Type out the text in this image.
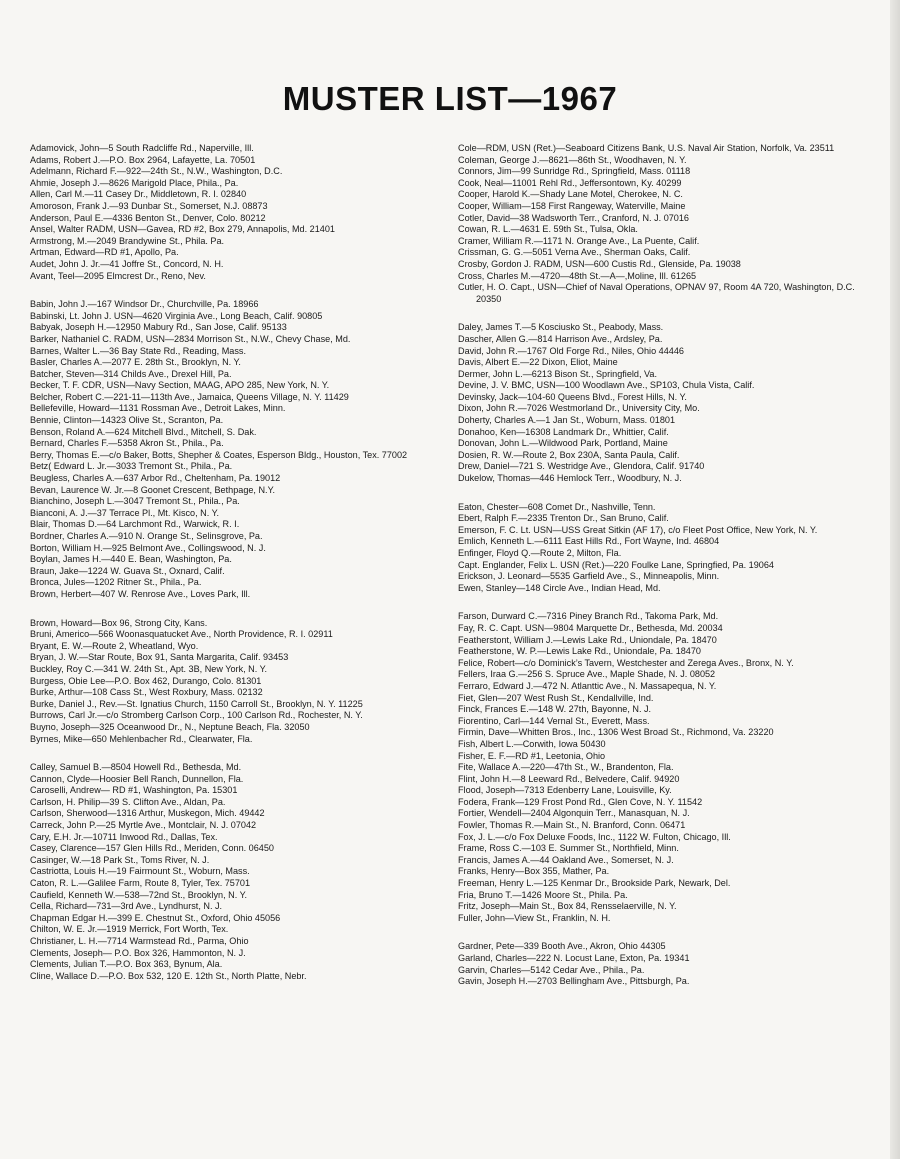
MUSTER LIST—1967
Adamovick, John—5 South Radcliffe Rd., Naperville, Ill.
Adams, Robert J.—P.O. Box 2964, Lafayette, La. 70501
Adelmann, Richard F.—922—24th St., N.W., Washington, D.C.
Ahmie, Joseph J.—8626 Marigold Place, Phila., Pa.
Allen, Carl M.—11 Casey Dr., Middletown, R. I. 02840
Amoroson, Frank J.—93 Dunbar St., Somerset, N.J. 08873
Anderson, Paul E.—4336 Benton St., Denver, Colo. 80212
Ansel, Walter RADM, USN—Gavea, RD #2, Box 279, Annapolis, Md. 21401
Armstrong, M.—2049 Brandywine St., Phila. Pa.
Artman, Edward—RD #1, Apollo, Pa.
Audet, John J. Jr.—41 Joffre St., Concord, N. H.
Avant, Teel—2095 Elmcrest Dr., Reno, Nev.
Babin, John J.—167 Windsor Dr., Churchville, Pa. 18966
Babinski, Lt. John J. USN—4620 Virginia Ave., Long Beach, Calif. 90805
Babyak, Joseph H.—12950 Mabury Rd., San Jose, Calif. 95133
Barker, Nathaniel C. RADM, USN—2834 Morrison St., N.W., Chevy Chase, Md.
Barnes, Walter L.—36 Bay State Rd., Reading, Mass.
Basler, Charles A.—2077 E. 28th St., Brooklyn, N. Y.
Batcher, Steven—314 Childs Ave., Drexel Hill, Pa.
Becker, T. F. CDR, USN—Navy Section, MAAG, APO 285, New York, N. Y.
Belcher, Robert C.—221-11—113th Ave., Jamaica, Queens Village, N. Y. 11429
Bellefeville, Howard—1131 Rossman Ave., Detroit Lakes, Minn.
Bennie, Clinton—14323 Olive St., Scranton, Pa.
Benson, Roland A.—624 Mitchell Blvd., Mitchell, S. Dak.
Bernard, Charles F.—5358 Akron St., Phila., Pa.
Berry, Thomas E.—c/o Baker, Botts, Shepher & Coates, Esperson Bldg., Houston, Tex. 77002
Betz( Edward L. Jr.—3033 Tremont St., Phila., Pa.
Beugless, Charles A.—637 Arbor Rd., Cheltenham, Pa. 19012
Bevan, Laurence W. Jr.—8 Goonet Crescent, Bethpage, N.Y.
Bianchino, Joseph L.—3047 Tremont St., Phila., Pa.
Bianconi, A. J.—37 Terrace Pl., Mt. Kisco, N. Y.
Blair, Thomas D.—64 Larchmont Rd., Warwick, R. I.
Bordner, Charles A.—910 N. Orange St., Selinsgrove, Pa.
Borton, William H.—925 Belmont Ave., Collingswood, N. J.
Boylan, James H.—440 E. Bean, Washington, Pa.
Braun, Jake—1224 W. Guava St., Oxnard, Calif.
Bronca, Jules—1202 Ritner St., Phila., Pa.
Brown, Herbert—407 W. Renrose Ave., Loves Park, Ill.
Brown, Howard—Box 96, Strong City, Kans.
Bruni, Americo—566 Woonasquatucket Ave., North Providence, R. I. 02911
Bryant, E. W.—Route 2, Wheatland, Wyo.
Bryan, J. W.—Star Route, Box 91, Santa Margarita, Calif. 93453
Buckley, Roy C.—341 W. 24th St., Apt. 3B, New York, N. Y.
Burgess, Obie Lee—P.O. Box 462, Durango, Colo. 81301
Burke, Arthur—108 Cass St., West Roxbury, Mass. 02132
Burke, Daniel J., Rev.—St. Ignatius Church, 1150 Carroll St., Brooklyn, N. Y. 11225
Burrows, Carl Jr.—c/o Stromberg Carlson Corp., 100 Carlson Rd., Rochester, N. Y.
Buyno, Joseph—325 Oceanwood Dr., N., Neptune Beach, Fla. 32050
Byrnes, Mike—650 Mehlenbacher Rd., Clearwater, Fla.
Calley, Samuel B.—8504 Howell Rd., Bethesda, Md.
Cannon, Clyde—Hoosier Bell Ranch, Dunnellon, Fla.
Caroselli, Andrew— RD #1, Washington, Pa. 15301
Carlson, H. Philip—39 S. Clifton Ave., Aldan, Pa.
Carlson, Sherwood—1316 Arthur, Muskegon, Mich. 49442
Carreck, John P.—25 Myrtle Ave., Montclair, N. J. 07042
Cary, E.H. Jr.—10711 Inwood Rd., Dallas, Tex.
Casey, Clarence—157 Glen Hills Rd., Meriden, Conn. 06450
Casinger, W.—18 Park St., Toms River, N. J.
Castriotta, Louis H.—19 Fairmount St., Woburn, Mass.
Caton, R. L.—Galilee Farm, Route 8, Tyler, Tex. 75701
Caufield, Kenneth W.—538—72nd St., Brooklyn, N. Y.
Cella, Richard—731—3rd Ave., Lyndhurst, N. J.
Chapman Edgar H.—399 E. Chestnut St., Oxford, Ohio 45056
Chilton, W. E. Jr.—1919 Merrick, Fort Worth, Tex.
Christianer, L. H.—7714 Warmstead Rd., Parma, Ohio
Clements, Joseph— P.O. Box 326, Hammonton, N. J.
Clements, Julian T.—P.O. Box 363, Bynum, Ala.
Cline, Wallace D.—P.O. Box 532, 120 E. 12th St., North Platte, Nebr.
Cole—RDM, USN (Ret.)—Seaboard Citizens Bank, U.S. Naval Air Station, Norfolk, Va. 23511
Coleman, George J.—8621—86th St., Woodhaven, N. Y.
Connors, Jim—99 Sunridge Rd., Springfield, Mass. 01118
Cook, Neal—11001 Rehl Rd., Jeffersontown, Ky. 40299
Cooper, Harold K.—Shady Lane Motel, Cherokee, N. C.
Cooper, William—158 First Rangeway, Waterville, Maine
Cotler, David—38 Wadsworth Terr., Cranford, N. J. 07016
Cowan, R. L.—4631 E. 59th St., Tulsa, Okla.
Cramer, William R.—1171 N. Orange Ave., La Puente, Calif.
Crissman, G. G.—5051 Verna Ave., Sherman Oaks, Calif.
Crosby, Gordon J. RADM, USN—600 Custis Rd., Glenside, Pa. 19038
Cross, Charles M.—4720—48th St.—A—,Moline, Ill. 61265
Cutler, H. O. Capt., USN—Chief of Naval Operations, OPNAV 97, Room 4A 720, Washington, D.C. 20350
Daley, James T.—5 Kosciusko St., Peabody, Mass.
Dascher, Allen G.—814 Harrison Ave., Ardsley, Pa.
David, John R.—1767 Old Forge Rd., Niles, Ohio 44446
Davis, Albert E.—22 Dixon, Eliot, Maine
Dermer, John L.—6213 Bison St., Springfield, Va.
Devine, J. V. BMC, USN—100 Woodlawn Ave., SP103, Chula Vista, Calif.
Devinsky, Jack—104-60 Queens Blvd., Forest Hills, N. Y.
Dixon, John R.—7026 Westmorland Dr., University City, Mo.
Doherty, Charles A.—1 Jan St., Woburn, Mass. 01801
Donahoo, Ken—16308 Landmark Dr., Whittier, Calif.
Donovan, John L.—Wildwood Park, Portland, Maine
Dosien, R. W.—Route 2, Box 230A, Santa Paula, Calif.
Drew, Daniel—721 S. Westridge Ave., Glendora, Calif. 91740
Dukelow, Thomas—446 Hemlock Terr., Woodbury, N. J.
Eaton, Chester—608 Comet Dr., Nashville, Tenn.
Ebert, Ralph F.—2335 Trenton Dr., San Bruno, Calif.
Emerson, F. C. Lt. USN—USS Great Sitkin (AF 17), c/o Fleet Post Office, New York, N. Y.
Emlich, Kenneth L.—6111 East Hills Rd., Fort Wayne, Ind. 46804
Enfinger, Floyd Q.—Route 2, Milton, Fla.
Capt. Englander, Felix L. USN (Ret.)—220 Foulke Lane, Springfied, Pa. 19064
Erickson, J. Leonard—5535 Garfield Ave., S., Minneapolis, Minn.
Ewen, Stanley—148 Circle Ave., Indian Head, Md.
Farson, Durward C.—7316 Piney Branch Rd., Takoma Park, Md.
Fay, R. C. Capt. USN—9804 Marquette Dr., Bethesda, Md. 20034
Featherstont, William J.—Lewis Lake Rd., Uniondale, Pa. 18470
Featherstone, W. P.—Lewis Lake Rd., Uniondale, Pa. 18470
Felice, Robert—c/o Dominick’s Tavern, Westchester and Zerega Aves., Bronx, N. Y.
Fellers, Iraa G.—256 S. Spruce Ave., Maple Shade, N. J. 08052
Ferraro, Edward J.—472 N. Atlanttic Ave., N. Massapequa, N. Y.
Fiet, Glen—207 West Rush St., Kendallville, Ind.
Finck, Frances E.—148 W. 27th, Bayonne, N. J.
Fiorentino, Carl—144 Vernal St., Everett, Mass.
Firmin, Dave—Whitten Bros., Inc., 1306 West Broad St., Richmond, Va. 23220
Fish, Albert L.—Corwith, Iowa 50430
Fisher, E. F.—RD #1, Leetonia, Ohio
Fite, Wallace A.—220—47th St., W., Brandenton, Fla.
Flint, John H.—8 Leeward Rd., Belvedere, Calif. 94920
Flood, Joseph—7313 Edenberry Lane, Louisville, Ky.
Fodera, Frank—129 Frost Pond Rd., Glen Cove, N. Y. 11542
Fortier, Wendell—2404 Algonquin Terr., Manasquan, N. J.
Fowler, Thomas R.—Main St., N. Branford, Conn. 06471
Fox, J. L.—c/o Fox Deluxe Foods, Inc., 1122 W. Fulton, Chicago, Ill.
Frame, Ross C.—103 E. Summer St., Northfield, Minn.
Francis, James A.—44 Oakland Ave., Somerset, N. J.
Franks, Henry—Box 355, Mather, Pa.
Freeman, Henry L.—125 Kenmar Dr., Brookside Park, Newark, Del.
Fria, Bruno T.—1426 Moore St., Phila. Pa.
Fritz, Joseph—Main St., Box 84, Rensselaerville, N. Y.
Fuller, John—View St., Franklin, N. H.
Gardner, Pete—339 Booth Ave., Akron, Ohio 44305
Garland, Charles—222 N. Locust Lane, Exton, Pa. 19341
Garvin, Charles—5142 Cedar Ave., Phila., Pa.
Gavin, Joseph H.—2703 Bellingham Ave., Pittsburgh, Pa.
